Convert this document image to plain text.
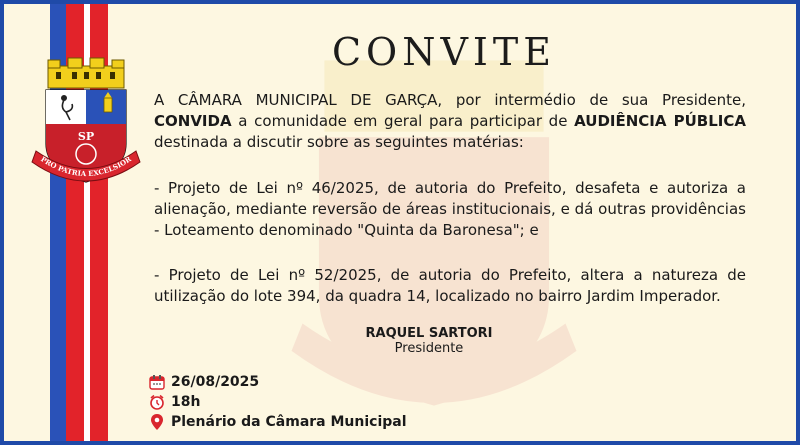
SP
PRO PATRIA EXCELSIOR
CONVITE

A CÂMARA MUNICIPAL DE GARÇA, por intermédio de sua Presidente, CONVIDA a comunidade em geral para participar de AUDIÊNCIA PÚBLICA destinada a discutir sobre as seguintes matérias:

- Projeto de Lei nº 46/2025, de autoria do Prefeito, desafeta e autoriza a alienação, mediante reversão de áreas institucionais, e dá outras providências - Loteamento denominado "Quinta da Baronesa"; e

- Projeto de Lei nº 52/2025, de autoria do Prefeito, altera a natureza de utilização do lote 394, da quadra 14, localizado no bairro Jardim Imperador.

RAQUEL SARTORI
Presidente
26/08/2025
18h
Plenário da Câmara Municipal
